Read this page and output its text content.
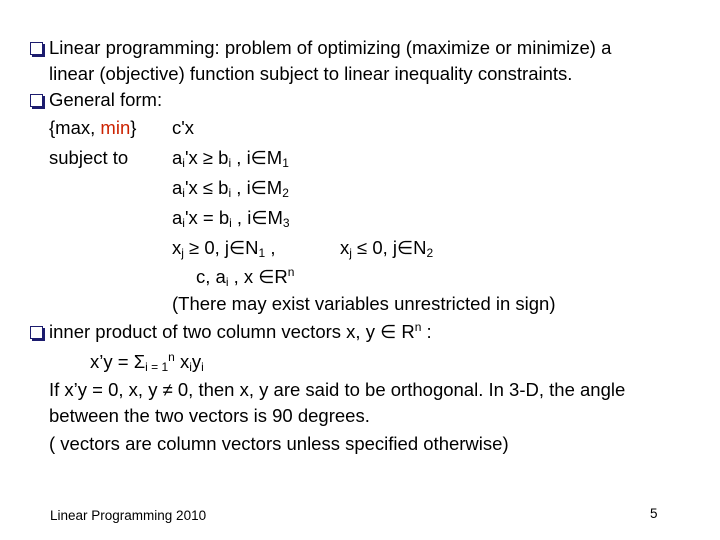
Linear programming: problem of optimizing (maximize or minimize) a
linear (objective) function subject to linear inequality constraints.
General form:
{max, min} c'x
subject to $a_i'x \ge b_i$ , $i\in M_1$
$a_i'x \le b_i$ , $i\in M_2$
$a_i'x = b_i$ , $i\in M_3$
$x_j \ge 0$, $j\in N_1$ ,	$x_j \le 0$, $j\in N_2$
c, $a_i$ , x $\in R^n$
(There may exist variables unrestricted in sign)
inner product of two column vectors x, y ∈ $R^n$ :
x’y = $\Sigma_{i = 1}^n$ $x_iy_i$
If x’y = 0, x, y ≠ 0, then x, y are said to be orthogonal. In 3-D, the angle
between the two vectors is 90 degrees.
( vectors are column vectors unless specified otherwise)
Linear Programming 2010	5
